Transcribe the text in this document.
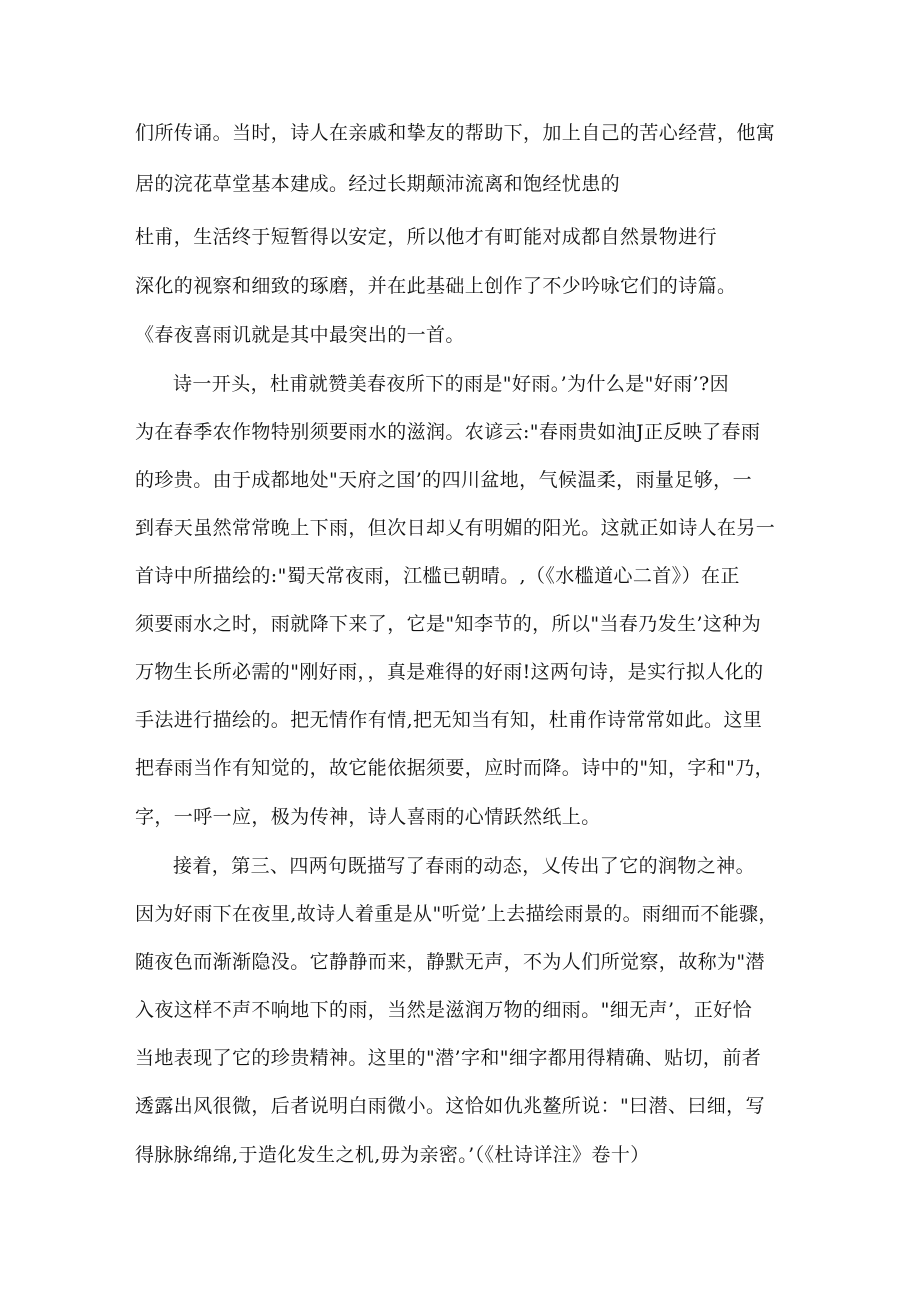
们所传诵。当时，诗人在亲戚和挚友的帮助下，加上自己的苦心经营，他寓
居的浣花草堂基本建成。经过长期颠沛流离和饱经忧患的
杜甫，生活终于短暂得以安定，所以他才有町能对成都自然景物进行
深化的视察和细致的琢磨，并在此基础上创作了不少吟咏它们的诗篇。
《春夜喜雨讥就是其中最突出的一首。
诗一开头，杜甫就赞美春夜所下的雨是"好雨。’为什么是"好雨’?因
为在春季农作物特别须要雨水的滋润。农谚云:"春雨贵如油J正反映了春雨
的珍贵。由于成都地处"天府之国’的四川盆地，气候温柔，雨量足够，一
到春天虽然常常晚上下雨，但次日却乂有明媚的阳光。这就正如诗人在另一
首诗中所描绘的:"蜀天常夜雨，江槛已朝晴。,（《水槛道心二首》）在正
须要雨水之时，雨就降下来了，它是"知李节的，所以"当春乃发生’这种为
万物生长所必需的"刚好雨，，真是难得的好雨!这两句诗，是实行拟人化的
手法进行描绘的。把无情作有情,把无知当有知，杜甫作诗常常如此。这里
把春雨当作有知觉的，故它能依据须要，应时而降。诗中的"知，字和"乃，
字，一呼一应，极为传神，诗人喜雨的心情跃然纸上。
接着，第三、四两句既描写了春雨的动态，乂传出了它的润物之神。
因为好雨下在夜里,故诗人着重是从"听觉’上去描绘雨景的。雨细而不能骤，
随夜色而渐渐隐没。它静静而来，静默无声，不为人们所觉察，故称为"潜
入夜这样不声不响地下的雨，当然是滋润万物的细雨。"细无声’，正好恰
当地表现了它的珍贵精神。这里的"潜’字和"细字都用得精确、贴切，前者
透露出风很微，后者说明白雨微小。这恰如仇兆鳌所说："曰潜、曰细，写
得脉脉绵绵,于造化发生之机,毋为亲密。’（《杜诗详注》卷十）
